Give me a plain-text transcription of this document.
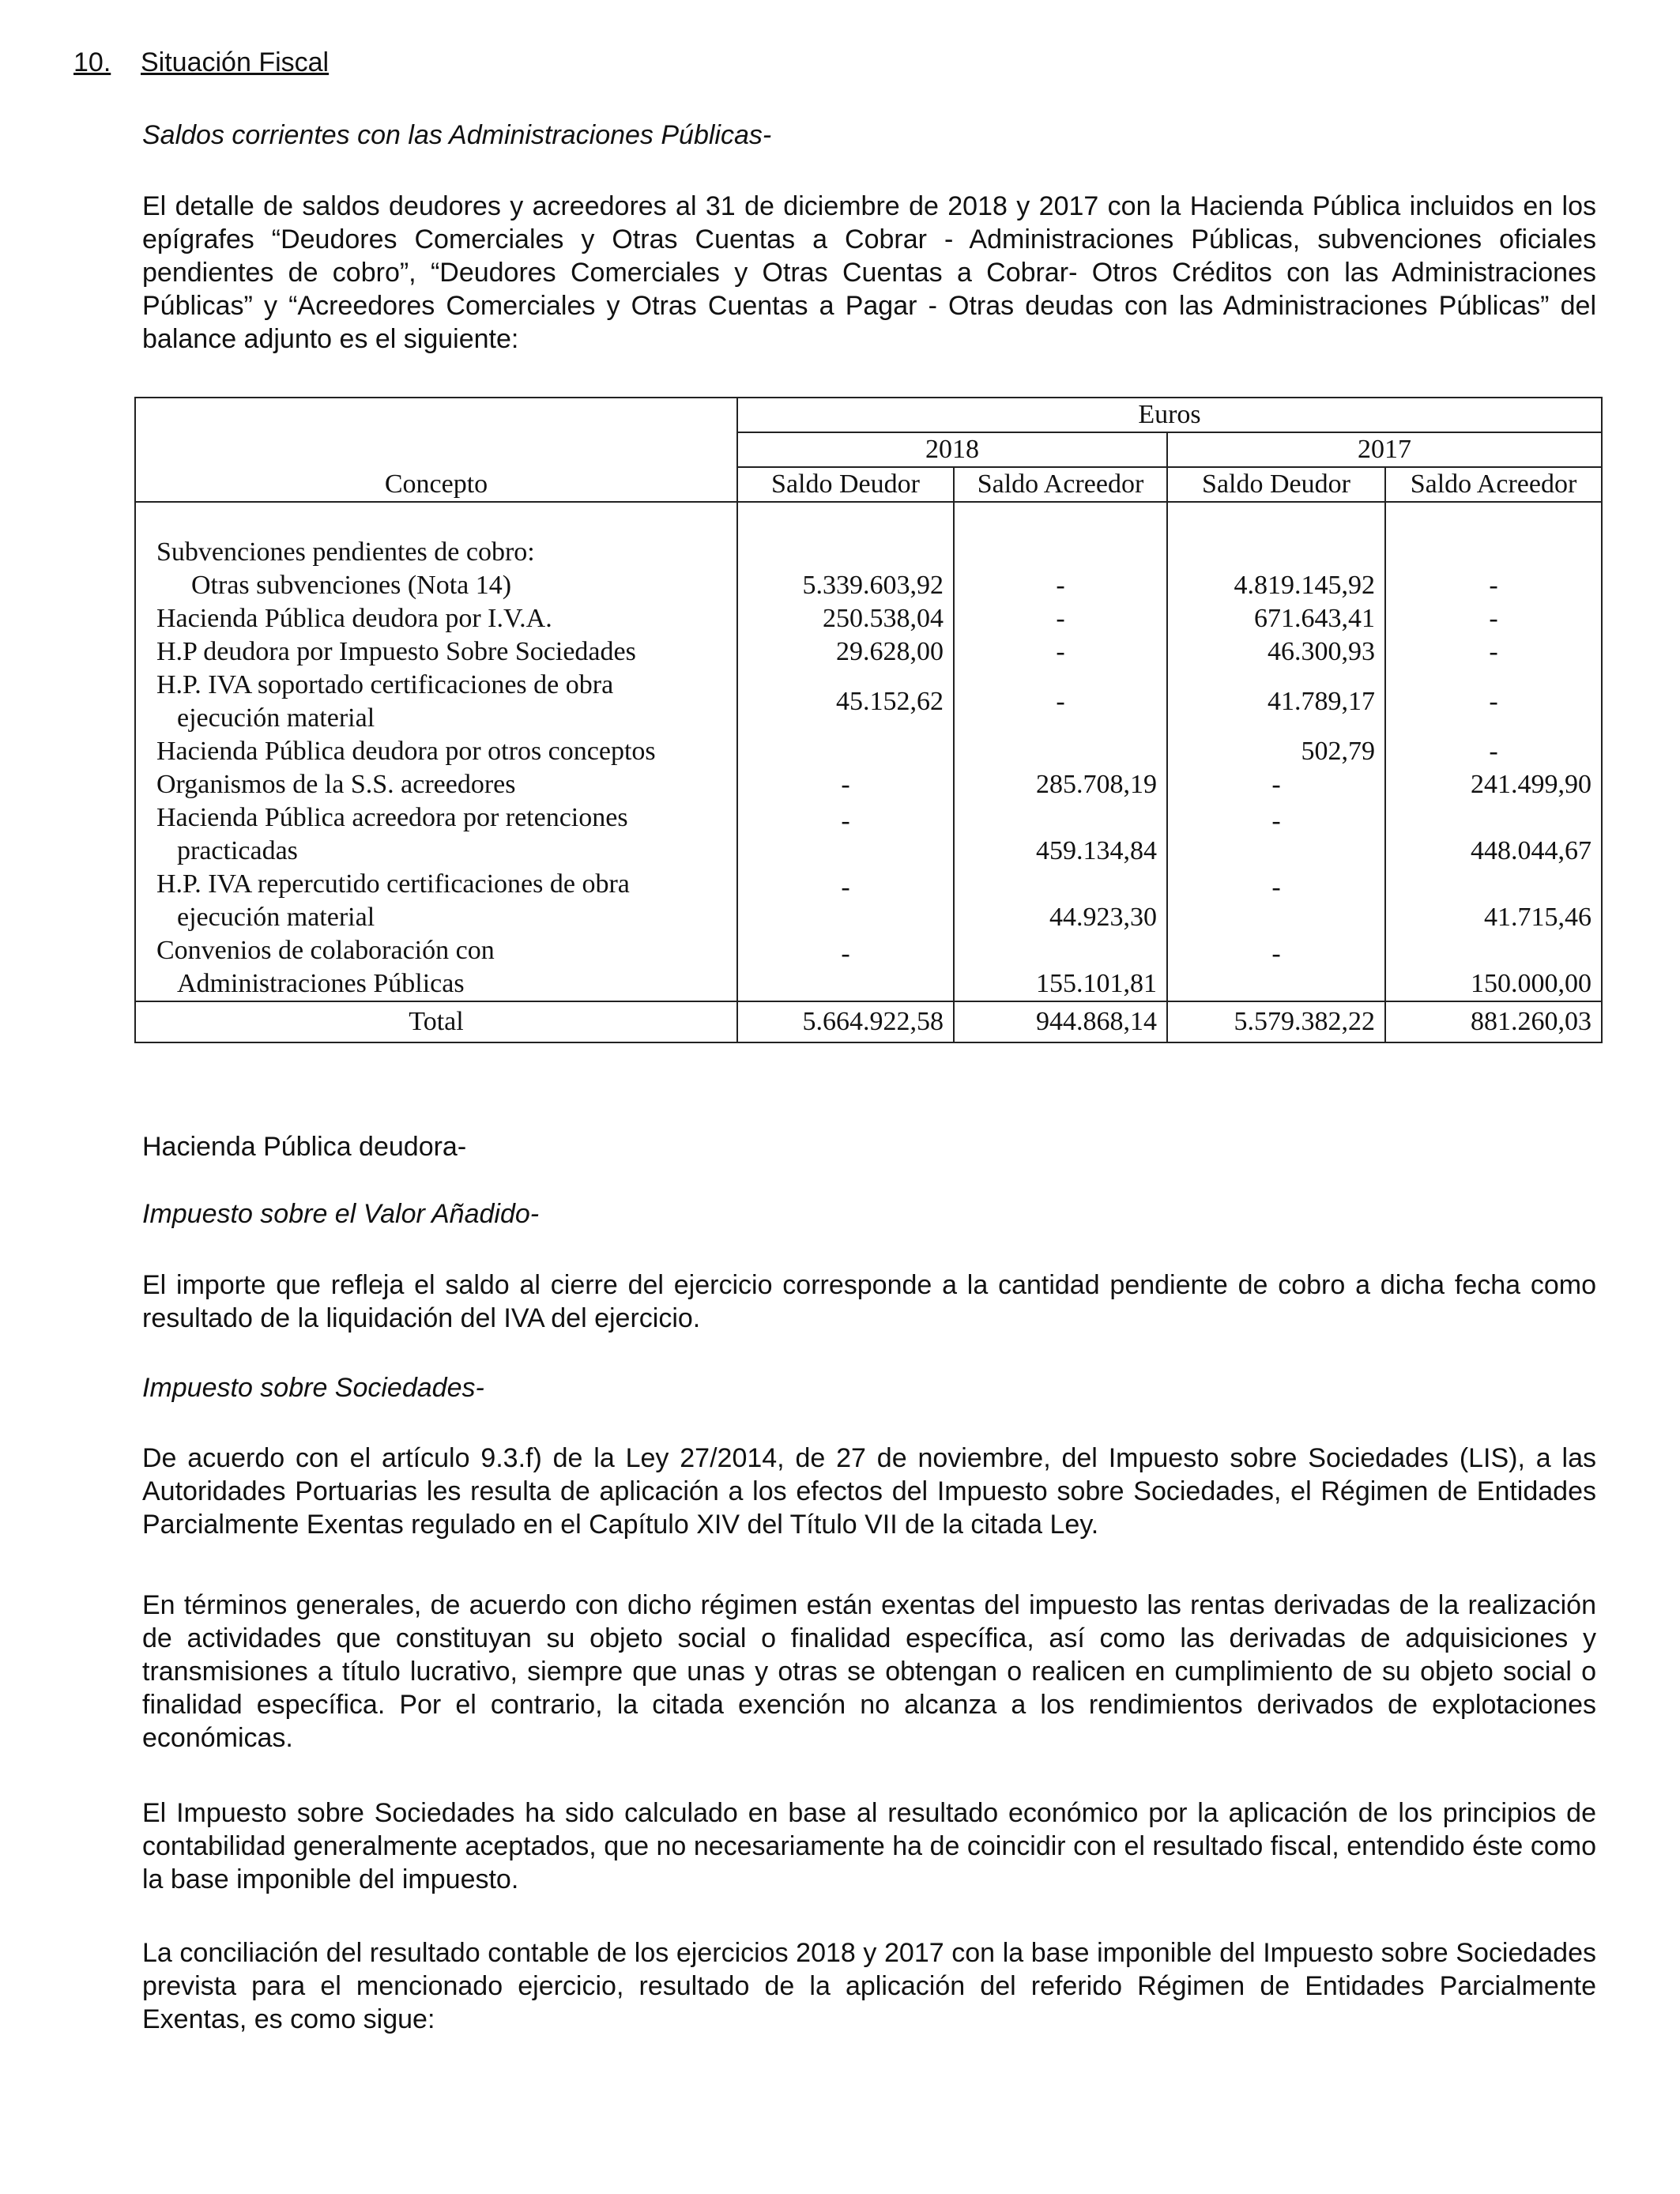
10. Situación Fiscal

Saldos corrientes con las Administraciones Públicas-

El detalle de saldos deudores y acreedores al 31 de diciembre de 2018 y 2017 con la Hacienda Pública incluidos en los epígrafes “Deudores Comerciales y Otras Cuentas a Cobrar - Administraciones Públicas, subvenciones oficiales pendientes de cobro”, “Deudores Comerciales y Otras Cuentas a Cobrar- Otros Créditos con las Administraciones Públicas” y “Acreedores Comerciales y Otras Cuentas a Pagar - Otras deudas con las Administraciones Públicas” del balance adjunto es el siguiente:

Concepto	Euros			
	2018		2017	
	Saldo Deudor	Saldo Acreedor	Saldo Deudor	Saldo Acreedor

Subvenciones pendientes de cobro:				
Otras subvenciones (Nota 14)	5.339.603,92	-	4.819.145,92	-
Hacienda Pública deudora por I.V.A.	250.538,04	-	671.643,41	-
H.P deudora por Impuesto Sobre Sociedades	29.628,00	-	46.300,93	-
H.P. IVA soportado certificaciones de obra
ejecución material	45.152,62	-	41.789,17	-
Hacienda Pública deudora por otros conceptos			502,79	-
Organismos de la S.S. acreedores	-	285.708,19	-	241.499,90
Hacienda Pública acreedora por retenciones
practicadas	-	459.134,84	-	448.044,67
H.P. IVA repercutido certificaciones de obra
ejecución material	-	44.923,30	-	41.715,46
Convenios de colaboración con
Administraciones Públicas	-	155.101,81	-	150.000,00
Total	5.664.922,58	944.868,14	5.579.382,22	881.260,03

Hacienda Pública deudora-

Impuesto sobre el Valor Añadido-

El importe que refleja el saldo al cierre del ejercicio corresponde a la cantidad pendiente de cobro a dicha fecha como resultado de la liquidación del IVA del ejercicio.

Impuesto sobre Sociedades-

De acuerdo con el artículo 9.3.f) de la Ley 27/2014, de 27 de noviembre, del Impuesto sobre Sociedades (LIS), a las Autoridades Portuarias les resulta de aplicación a los efectos del Impuesto sobre Sociedades, el Régimen de Entidades Parcialmente Exentas regulado en el Capítulo XIV del Título VII de la citada Ley.

En términos generales, de acuerdo con dicho régimen están exentas del impuesto las rentas derivadas de la realización de actividades que constituyan su objeto social o finalidad específica, así como las derivadas de adquisiciones y transmisiones a título lucrativo, siempre que unas y otras se obtengan o realicen en cumplimiento de su objeto social o finalidad específica. Por el contrario, la citada exención no alcanza a los rendimientos derivados de explotaciones económicas.

El Impuesto sobre Sociedades ha sido calculado en base al resultado económico por la aplicación de los principios de contabilidad generalmente aceptados, que no necesariamente ha de coincidir con el resultado fiscal, entendido éste como la base imponible del impuesto.

La conciliación del resultado contable de los ejercicios 2018 y 2017 con la base imponible del Impuesto sobre Sociedades prevista para el mencionado ejercicio, resultado de la aplicación del referido Régimen de Entidades Parcialmente Exentas, es como sigue:
